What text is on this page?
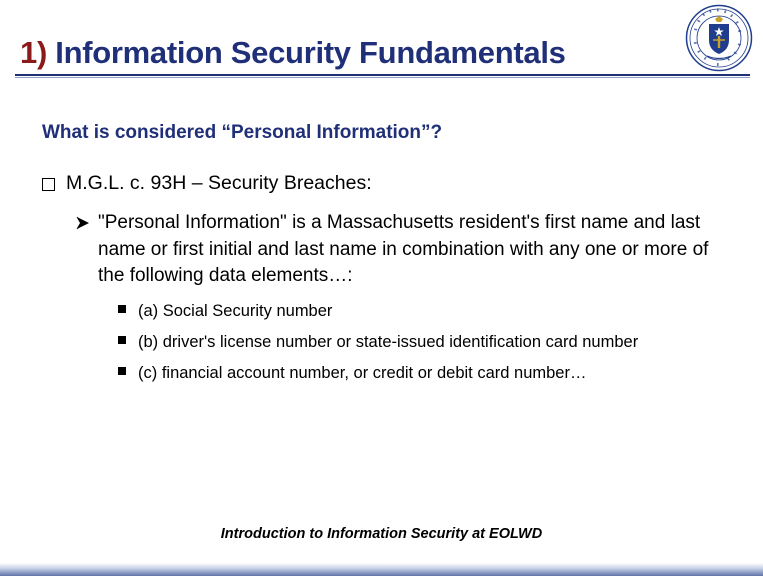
1) Information Security Fundamentals
What is considered “Personal Information”?
M.G.L. c. 93H – Security Breaches:
"Personal Information" is a Massachusetts resident's first name and last name or first initial and last name in combination with any one or more of the following data elements…:
(a) Social Security number
(b) driver's license number or state-issued identification card number
(c) financial account number, or credit or debit card number…
Introduction to Information Security at EOLWD
